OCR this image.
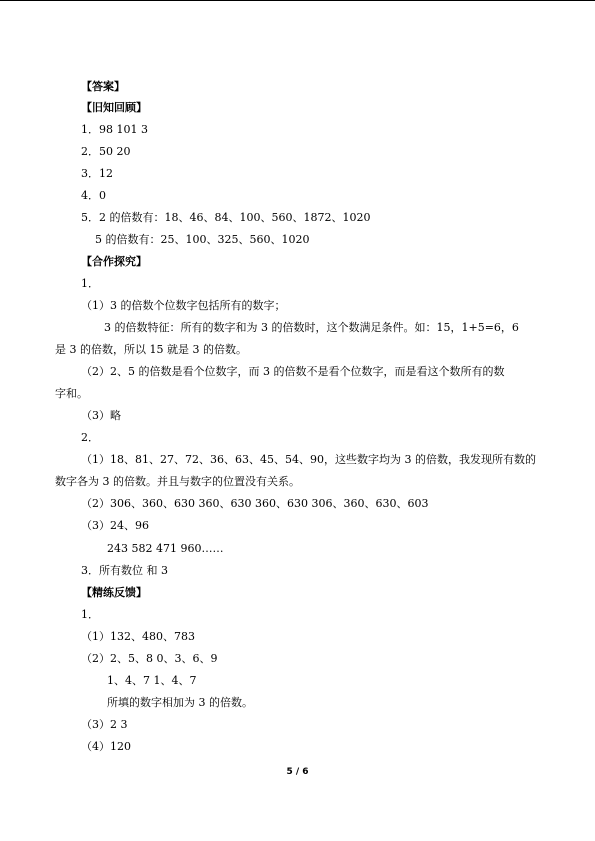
【答案】
【旧知回顾】
1．98 101 3
2．50 20
3．12
4．0
5．2 的倍数有：18、46、84、100、560、1872、1020
5 的倍数有：25、100、325、560、1020
【合作探究】
1．
（1）3 的倍数个位数字包括所有的数字；
3 的倍数特征：所有的数字和为 3 的倍数时，这个数满足条件。如：15，1+5=6，6
是 3 的倍数，所以 15 就是 3 的倍数。
（2）2、5 的倍数是看个位数字，而 3 的倍数不是看个位数字，而是看这个数所有的数
字和。
（3）略
2．
（1）18、81、27、72、36、63、45、54、90，这些数字均为 3 的倍数，我发现所有数的
数字各为 3 的倍数。并且与数字的位置没有关系。
（2）306、360、630 360、630 360、630 306、360、630、603
（3）24、96
243 582 471 960……
3．所有数位 和 3
【精练反馈】
1．
（1）132、480、783
（2）2、5、8 0、3、6、9
1、4、7 1、4、7
所填的数字相加为 3 的倍数。
（3）2 3
（4）120
5 / 6
